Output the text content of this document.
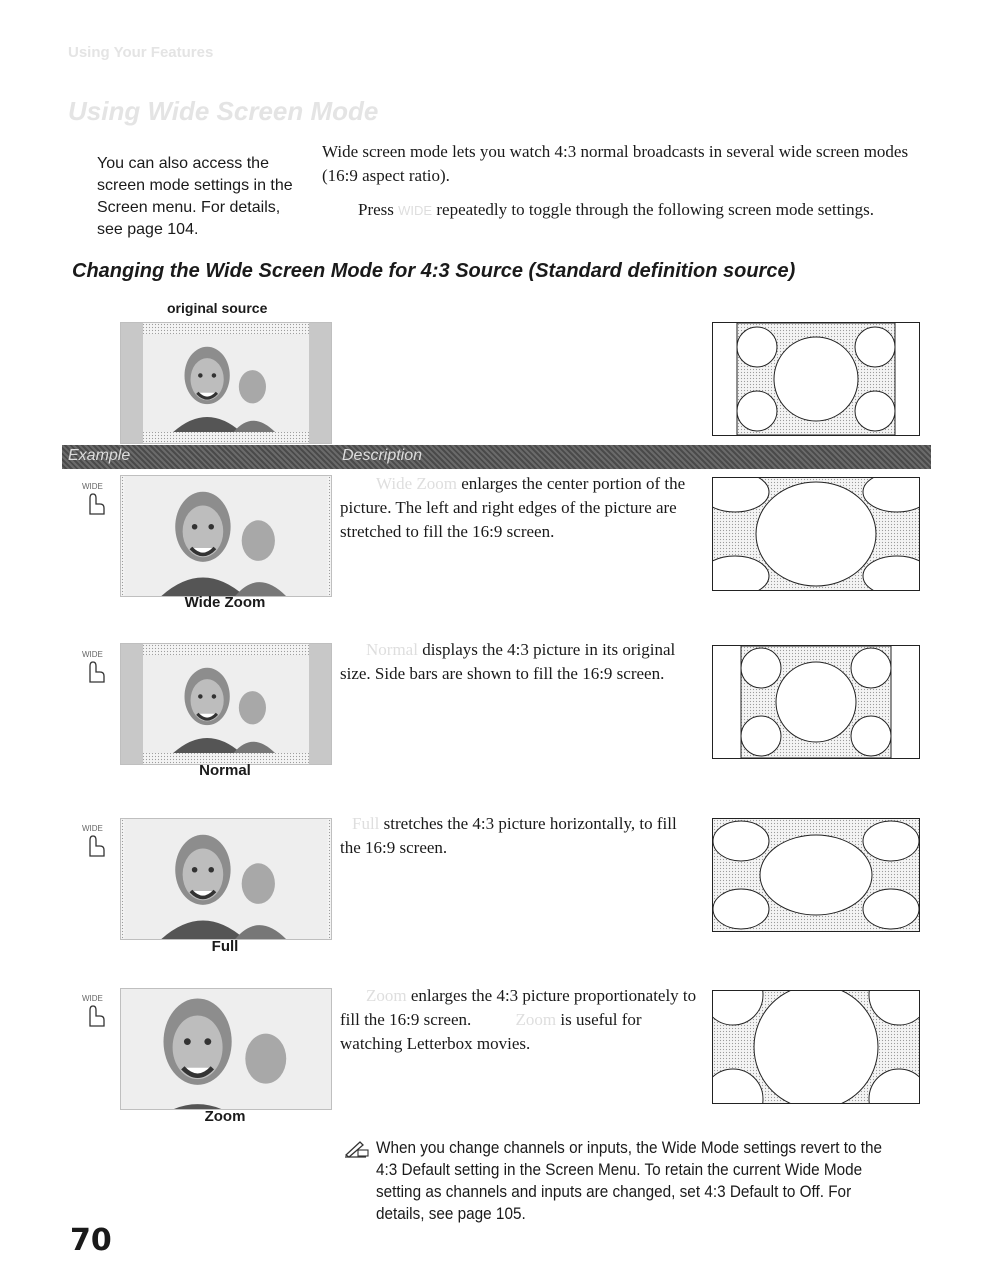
Using Your Features
Using Wide Screen Mode
You can also access the screen mode settings in the Screen menu. For details, see page 104.

Wide screen mode lets you watch 4:3 normal broadcasts in several wide screen modes (16:9 aspect ratio).

Press WIDE repeatedly to toggle through the following screen mode settings.

Changing the Wide Screen Mode for 4:3 Source (Standard definition source)
original source
Example	Description
WIDE
Wide Zoom
Wide Zoom enlarges the center portion of the picture. The left and right edges of the picture are stretched to fill the 16:9 screen.
WIDE
Normal
Normal displays the 4:3 picture in its original size. Side bars are shown to fill the 16:9 screen.
WIDE
Full
Full stretches the 4:3 picture horizontally, to fill the 16:9 screen.
WIDE
Zoom
Zoom enlarges the 4:3 picture proportionately to fill the 16:9 screen.	Zoom is useful for watching Letterbox movies.
When you change channels or inputs, the Wide Mode settings revert to the 4:3 Default setting in the Screen Menu. To retain the current Wide Mode setting as channels and inputs are changed, set 4:3 Default to Off. For details, see page 105.
70
